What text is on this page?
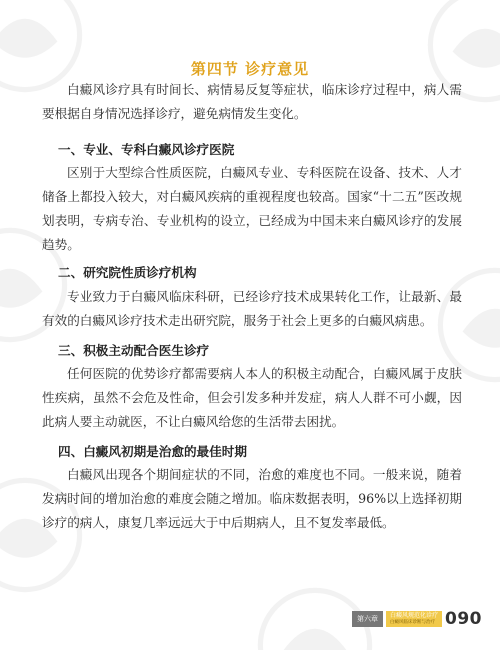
第四节 诊疗意见

白癜风诊疗具有时间长、病情易反复等症状，临床诊疗过程中，病人需要根据自身情况选择诊疗，避免病情发生变化。

一、专业、专科白癜风诊疗医院

区别于大型综合性质医院，白癜风专业、专科医院在设备、技术、人才储备上都投入较大，对白癜风疾病的重视程度也较高。国家“十二五”医改规划表明，专病专治、专业机构的设立，已经成为中国未来白癜风诊疗的发展趋势。

二、研究院性质诊疗机构

专业致力于白癜风临床科研，已经诊疗技术成果转化工作，让最新、最有效的白癜风诊疗技术走出研究院，服务于社会上更多的白癜风病患。

三、积极主动配合医生诊疗

任何医院的优势诊疗都需要病人本人的积极主动配合，白癜风属于皮肤性疾病，虽然不会危及性命，但会引发多种并发症，病人人群不可小觑，因此病人要主动就医，不让白癜风给您的生活带去困扰。

四、白癜风初期是治愈的最佳时期

白癜风出现各个期间症状的不同，治愈的难度也不同。一般来说，随着发病时间的增加治愈的难度会随之增加。临床数据表明，96%以上选择初期诊疗的病人，康复几率远远大于中后期病人，且不复发率最低。

第六章	白癜风规范化诊疗
白癜风临床诊断与治疗 090
